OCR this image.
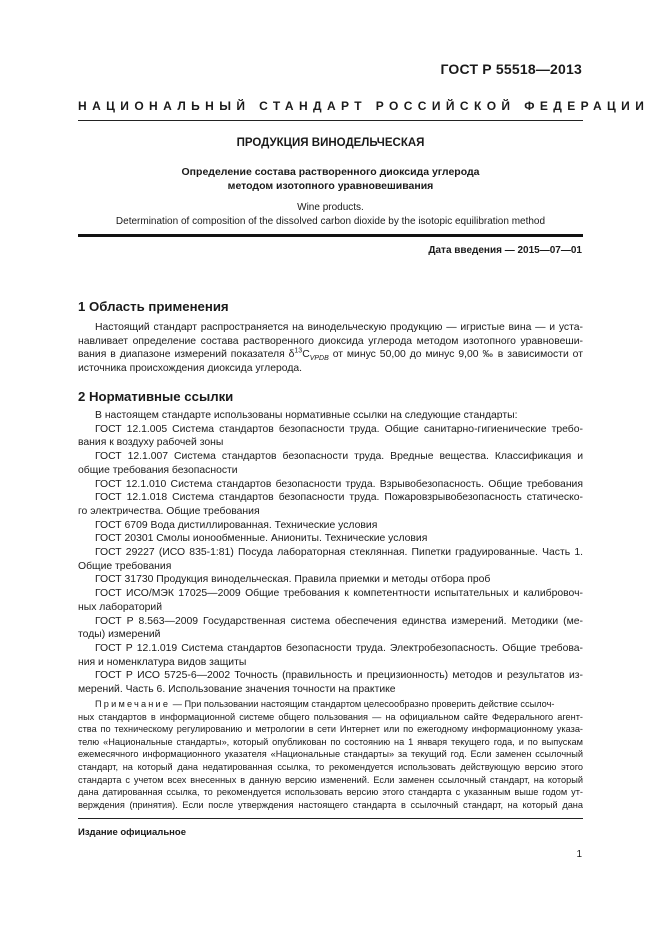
ГОСТ Р 55518—2013
НАЦИОНАЛЬНЫЙ СТАНДАРТ РОССИЙСКОЙ ФЕДЕРАЦИИ
ПРОДУКЦИЯ ВИНОДЕЛЬЧЕСКАЯ
Определение состава растворенного диоксида углерода
методом изотопного уравновешивания
Wine products.
Determination of composition of the dissolved carbon dioxide by the isotopic equilibration method
Дата введения — 2015—07—01
1 Область применения
Настоящий стандарт распространяется на винодельческую продукцию — игристые вина — и уста-
навливает определение состава растворенного диоксида углерода методом изотопного уравновеши-
вания в диапазоне измерений показателя $\delta^{13}C_{VPDB}$ от минус 50,00 до минус 9,00 ‰ в зависимости от
источника происхождения диоксида углерода.
2 Нормативные ссылки
В настоящем стандарте использованы нормативные ссылки на следующие стандарты:
ГОСТ 12.1.005 Система стандартов безопасности труда. Общие санитарно-гигиенические требо-
вания к воздуху рабочей зоны
ГОСТ 12.1.007 Система стандартов безопасности труда. Вредные вещества. Классификация и
общие требования безопасности
ГОСТ 12.1.010 Система стандартов безопасности труда. Взрывобезопасность. Общие требования
ГОСТ 12.1.018 Система стандартов безопасности труда. Пожаровзрывобезопасность статическо-
го электричества. Общие требования
ГОСТ 6709 Вода дистиллированная. Технические условия
ГОСТ 20301 Смолы ионообменные. Аниониты. Технические условия
ГОСТ 29227 (ИСО 835-1:81) Посуда лабораторная стеклянная. Пипетки градуированные. Часть 1.
Общие требования
ГОСТ 31730 Продукция винодельческая. Правила приемки и методы отбора проб
ГОСТ ИСО/МЭК 17025—2009 Общие требования к компетентности испытательных и калибровоч-
ных лабораторий
ГОСТ Р 8.563—2009 Государственная система обеспечения единства измерений. Методики (ме-
тоды) измерений
ГОСТ Р 12.1.019 Система стандартов безопасности труда. Электробезопасность. Общие требова-
ния и номенклатура видов защиты
ГОСТ Р ИСО 5725-6—2002 Точность (правильность и прецизионность) методов и результатов из-
мерений. Часть 6. Использование значения точности на практике
Примечание — При пользовании настоящим стандартом целесообразно проверить действие ссылоч-
ных стандартов в информационной системе общего пользования — на официальном сайте Федерального агент-
ства по техническому регулированию и метрологии в сети Интернет или по ежегодному информационному указа-
телю «Национальные стандарты», который опубликован по состоянию на 1 января текущего года, и по выпускам
ежемесячного информационного указателя «Национальные стандарты» за текущий год. Если заменен ссылочный
стандарт, на который дана недатированная ссылка, то рекомендуется использовать действующую версию этого
стандарта с учетом всех внесенных в данную версию изменений. Если заменен ссылочный стандарт, на который
дана датированная ссылка, то рекомендуется использовать версию этого стандарта с указанным выше годом ут-
верждения (принятия). Если после утверждения настоящего стандарта в ссылочный стандарт, на который дана
Издание официальное
1
